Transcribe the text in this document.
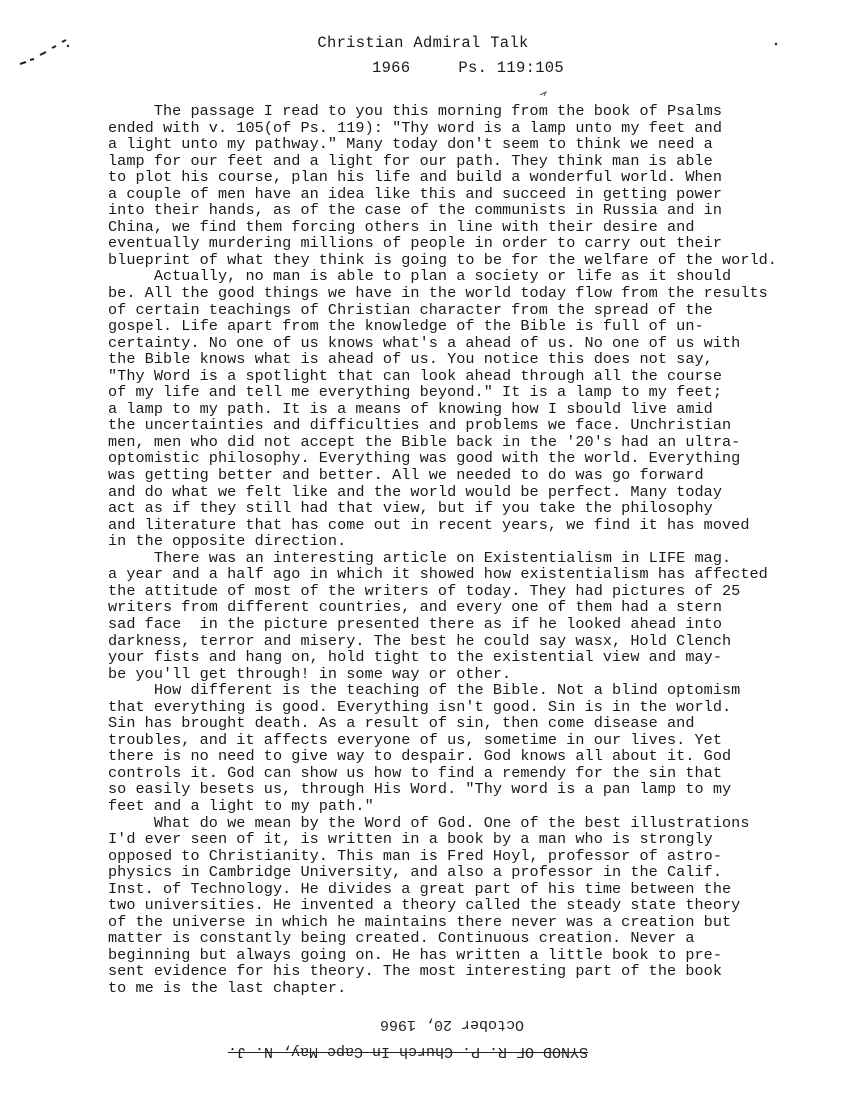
Christian Admiral Talk
1966     Ps. 119:105
The passage I read to you this morning from the book of Psalms
ended with v. 105(of Ps. 119): "Thy word is a lamp unto my feet and
a light unto my pathway." Many today don't seem to think we need a
lamp for our feet and a light for our path. They think man is able
to plot his course, plan his life and build a wonderful world. When
a couple of men have an idea like this and succeed in getting power
into their hands, as of the case of the communists in Russia and in
China, we find them forcing others in line with their desire and
eventually murdering millions of people in order to carry out their
blueprint of what they think is going to be for the welfare of the world.
Actually, no man is able to plan a society or life as it should
be. All the good things we have in the world today flow from the results
of certain teachings of Christian character from the spread of the
gospel. Life apart from the knowledge of the Bible is full of un-
certainty. No one of us knows what's a ahead of us. No one of us with
the Bible knows what is ahead of us. You notice this does not say,
"Thy Word is a spotlight that can look ahead through all the course
of my life and tell me everything beyond." It is a lamp to my feet;
a lamp to my path. It is a means of knowing how I sbould live amid
the uncertainties and difficulties and problems we face. Unchristian
men, men who did not accept the Bible back in the '20's had an ultra-
optomistic philosophy. Everything was good with the world. Everything
was getting better and better. All we needed to do was go forward
and do what we felt like and the world would be perfect. Many today
act as if they still had that view, but if you take the philosophy
and literature that has come out in recent years, we find it has moved
in the opposite direction.
There was an interesting article on Existentialism in LIFE mag.
a year and a half ago in which it showed how existentialism has affected
the attitude of most of the writers of today. They had pictures of 25
writers from different countries, and every one of them had a stern
sad face  in the picture presented there as if he looked ahead into
darkness, terror and misery. The best he could say wasx, Hold Clench
your fists and hang on, hold tight to the existential view and may-
be you'll get through! in some way or other.
How different is the teaching of the Bible. Not a blind optomism
that everything is good. Everything isn't good. Sin is in the world.
Sin has brought death. As a result of sin, then come disease and
troubles, and it affects everyone of us, sometime in our lives. Yet
there is no need to give way to despair. God knows all about it. God
controls it. God can show us how to find a remendy for the sin that
so easily besets us, through His Word. "Thy word is a pan lamp to my
feet and a light to my path."
What do we mean by the Word of God. One of the best illustrations
I'd ever seen of it, is written in a book by a man who is strongly
opposed to Christianity. This man is Fred Hoyl, professor of astro-
physics in Cambridge University, and also a professor in the Calif.
Inst. of Technology. He divides a great part of his time between the
two universities. He invented a theory called the steady state theory
of the universe in which he maintains there never was a creation but
matter is constantly being created. Continuous creation. Never a
beginning but always going on. He has written a little book to pre-
sent evidence for his theory. The most interesting part of the book
to me is the last chapter.
October 20, 1966
SYNOD OF R. P. Church In Cape May, N. J.
